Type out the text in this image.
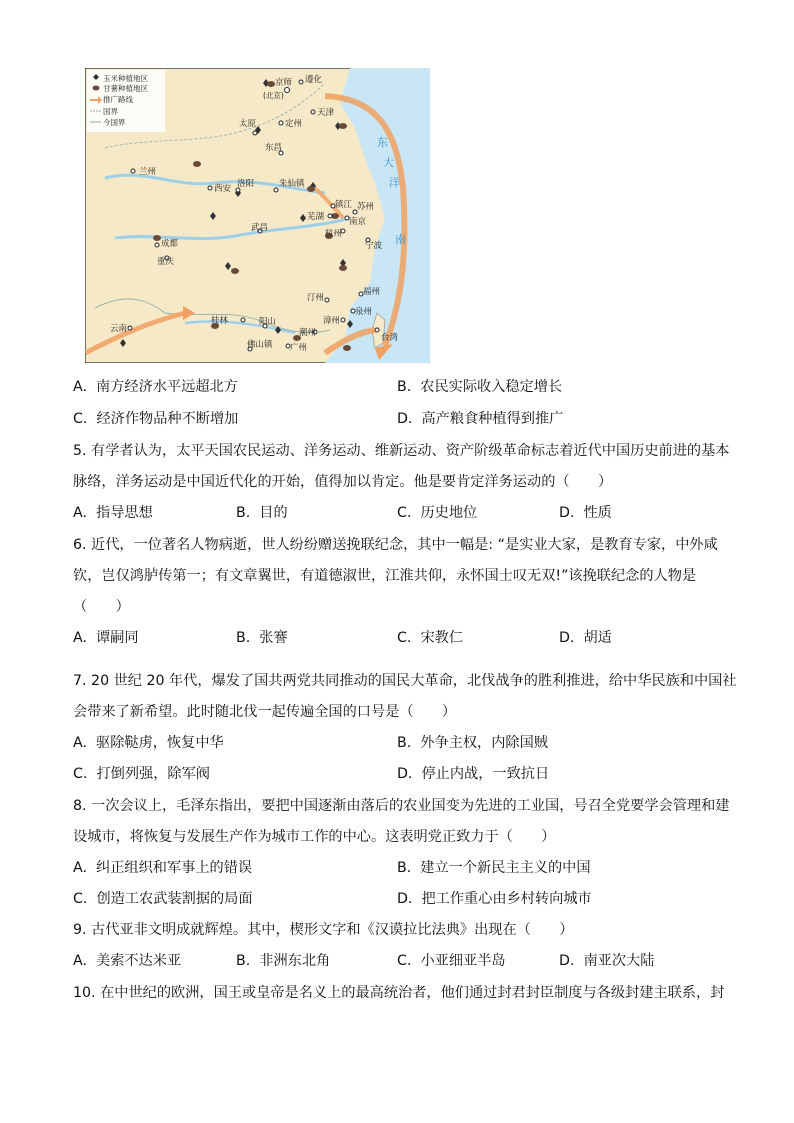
玉米种植地区
甘薯种植地区
推广路线
国界
今国界
京师
(北京)
遵化
天津
太原	定州
东昌
兰州
西安 洛阳	朱仙镇
镇江 苏州
芜湖	南京
杭州
宁波
成都
重庆
武昌
汀州
福州
漳州
泉州
潮州
广州
桂林	阳山
佛山镇
云南
台湾
东
大
洋
南
A. 南方经济水平远超北方	B. 农民实际收入稳定增长
C. 经济作物品种不断增加	D. 高产粮食种植得到推广
5. 有学者认为，太平天国农民运动、洋务运动、维新运动、资产阶级革命标志着近代中国历史前进的基本
脉络，洋务运动是中国近代化的开始，值得加以肯定。他是要肯定洋务运动的（　　）
A. 指导思想	B. 目的	C. 历史地位	D. 性质
6. 近代，一位著名人物病逝，世人纷纷赠送挽联纪念，其中一幅是: “是实业大家，是教育专家，中外咸
钦，岂仅鸿胪传第一；有文章翼世，有道德淑世，江淮共仰，永怀国士叹无双!”该挽联纪念的人物是
（　　）
A. 谭嗣同	B. 张謇	C. 宋教仁	D. 胡适
7. 20 世纪 20 年代，爆发了国共两党共同推动的国民大革命，北伐战争的胜利推进，给中华民族和中国社
会带来了新希望。此时随北伐一起传遍全国的口号是（　　）
A. 驱除鞑虏，恢复中华	B. 外争主权，内除国贼
C. 打倒列强，除军阀	D. 停止内战，一致抗日
8. 一次会议上，毛泽东指出，要把中国逐渐由落后的农业国变为先进的工业国，号召全党要学会管理和建
设城市，将恢复与发展生产作为城市工作的中心。这表明党正致力于（　　）
A. 纠正组织和军事上的错误	B. 建立一个新民主主义的中国
C. 创造工农武装割据的局面	D. 把工作重心由乡村转向城市
9. 古代亚非文明成就辉煌。其中，楔形文字和《汉谟拉比法典》出现在（　　）
A. 美索不达米亚	B. 非洲东北角	C. 小亚细亚半岛	D. 南亚次大陆
10. 在中世纪的欧洲，国王或皇帝是名义上的最高统治者，他们通过封君封臣制度与各级封建主联系，封
